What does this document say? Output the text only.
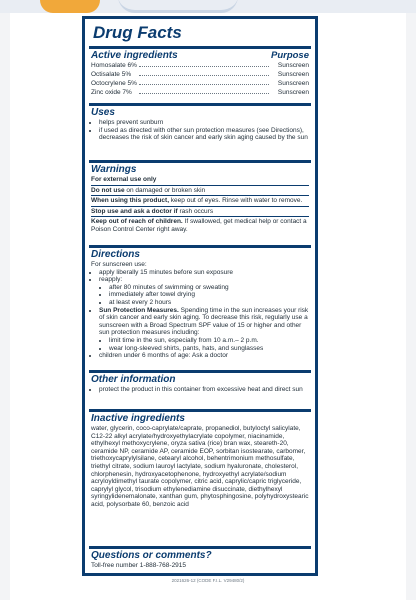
Drug Facts
Active ingredients	Purpose
Homosalate 6%	Sunscreen
Octisalate 5%	Sunscreen
Octocrylene 5%	Sunscreen
Zinc oxide 7%	Sunscreen
Uses
• helps prevent sunburn
• if used as directed with other sun protection measures (see Directions), decreases the risk of skin cancer and early skin aging caused by the sun
Warnings
For external use only
Do not use on damaged or broken skin
When using this product, keep out of eyes. Rinse with water to remove.
Stop use and ask a doctor if rash occurs
Keep out of reach of children. If swallowed, get medical help or contact a Poison Control Center right away.
Directions
For sunscreen use:
• apply liberally 15 minutes before sun exposure
• reapply:
• after 80 minutes of swimming or sweating
• immediately after towel drying
• at least every 2 hours
• Sun Protection Measures. Spending time in the sun increases your risk of skin cancer and early skin aging. To decrease this risk, regularly use a sunscreen with a Broad Spectrum SPF value of 15 or higher and other sun protection measures including:
• limit time in the sun, especially from 10 a.m.– 2 p.m.
• wear long-sleeved shirts, pants, hats, and sunglasses
• children under 6 months of age: Ask a doctor
Other information
• protect the product in this container from excessive heat and direct sun
Inactive ingredients
water, glycerin, coco-caprylate/caprate, propanediol, butyloctyl salicylate, C12-22 alkyl acrylate/hydroxyethylacrylate copolymer, niacinamide, ethylhexyl methoxycrylene, oryza sativa (rice) bran wax, steareth-20, ceramide NP, ceramide AP, ceramide EOP, sorbitan isostearate, carbomer, triethoxycaprylylsilane, cetearyl alcohol, behentrimonium methosulfate, triethyl citrate, sodium lauroyl lactylate, sodium hyaluronate, cholesterol, chlorphenesin, hydroxyacetophenone, hydroxyethyl acrylate/sodium acryloyldimethyl taurate copolymer, citric acid, caprylic/capric triglyceride, caprylyl glycol, trisodium ethylenediamine disuccinate, diethylhexyl syringylidenemalonate, xanthan gum, phytosphingosine, polyhydroxystearic acid, polysorbate 60, benzoic acid
Questions or comments?
Toll-free number 1-888-768-2915
2021626-12 (CODE F.I.L. V29480/2)
